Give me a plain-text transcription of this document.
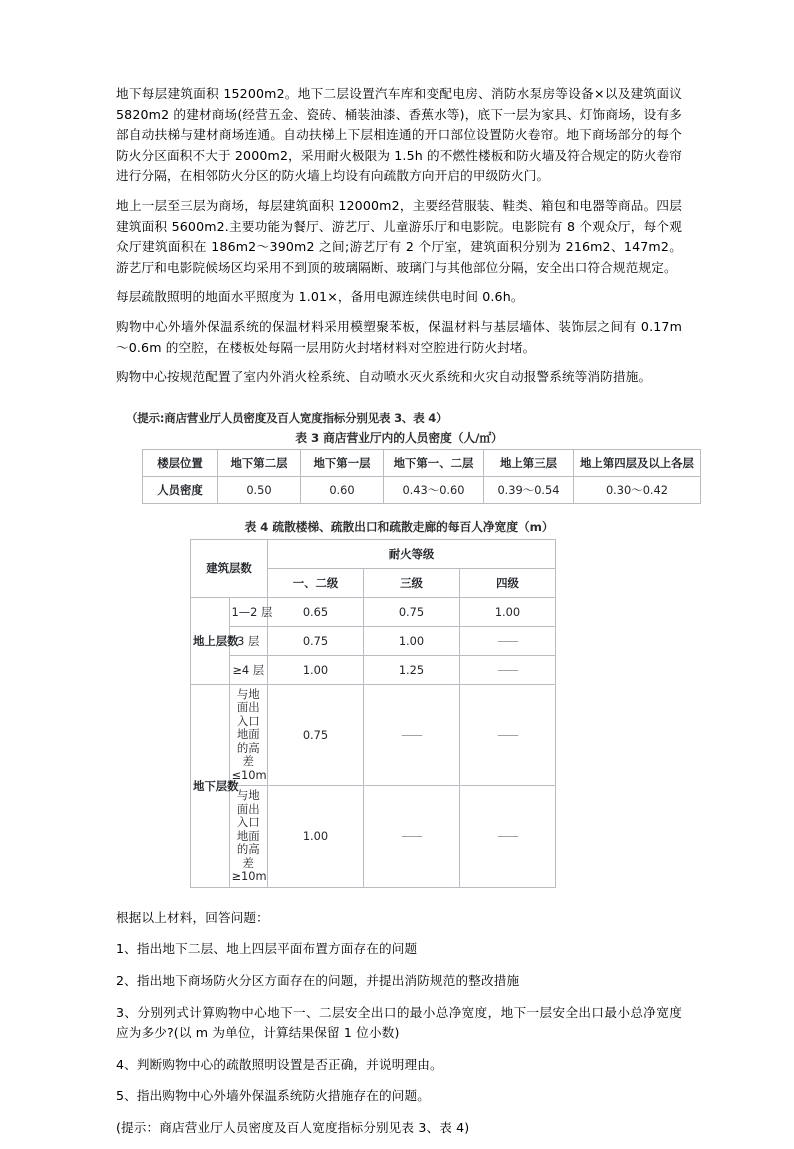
地下每层建筑面积 15200m2。地下二层设置汽车库和变配电房、消防水泵房等设备×以及建筑面议 5820m2 的建材商场(经营五金、瓷砖、桶装油漆、香蕉水等)，底下一层为家具、灯饰商场，设有多部自动扶梯与建材商场连通。自动扶梯上下层相连通的开口部位设置防火卷帘。地下商场部分的每个防火分区面积不大于 2000m2，采用耐火极限为 1.5h 的不燃性楼板和防火墙及符合规定的防火卷帘进行分隔，在相邻防火分区的防火墙上均设有向疏散方向开启的甲级防火门。

地上一层至三层为商场，每层建筑面积 12000m2，主要经营服装、鞋类、箱包和电器等商品。四层建筑面积 5600m2.主要功能为餐厅、游艺厅、儿童游乐厅和电影院。电影院有 8 个观众厅，每个观众厅建筑面积在 186m2～390m2 之间;游艺厅有 2 个厅室，建筑面积分别为 216m2、147m2。游艺厅和电影院候场区均采用不到顶的玻璃隔断、玻璃门与其他部位分隔，安全出口符合规范规定。

每层疏散照明的地面水平照度为 1.01×，备用电源连续供电时间 0.6h。

购物中心外墙外保温系统的保温材料采用模塑聚苯板，保温材料与基层墙体、装饰层之间有 0.17m～0.6m 的空腔，在楼板处每隔一层用防火封堵材料对空腔进行防火封堵。

购物中心按规范配置了室内外消火栓系统、自动喷水灭火系统和火灾自动报警系统等消防措施。

（提示:商店营业厅人员密度及百人宽度指标分别见表 3、表 4）
表 3 商店营业厅内的人员密度（人/㎡）
楼层位置	地下第二层	地下第一层	地下第一、二层	地上第三层	地上第四层及以上各层
人员密度	0.50	0.60	0.43～0.60	0.39～0.54	0.30～0.42
表 4 疏散楼梯、疏散出口和疏散走廊的每百人净宽度（m）
建筑层数		耐火等级		
		一、二级	三级	四级
地上层数	1—2 层	0.65	0.75	1.00
	3 层	0.75	1.00	——
	≥4 层	1.00	1.25	——
地下层数	与地面出入口地面的高差≤10m	0.75	——	——
	与地面出入口地面的高差≥10m	1.00	——	——

根据以上材料，回答问题：

1、指出地下二层、地上四层平面布置方面存在的问题

2、指出地下商场防火分区方面存在的问题，并提出消防规范的整改措施

3、分别列式计算购物中心地下一、二层安全出口的最小总净宽度，地下一层安全出口最小总净宽度应为多少?(以 m 为单位，计算结果保留 1 位小数)

4、判断购物中心的疏散照明设置是否正确，并说明理由。

5、指出购物中心外墙外保温系统防火措施存在的问题。

(提示：商店营业厅人员密度及百人宽度指标分别见表 3、表 4)
